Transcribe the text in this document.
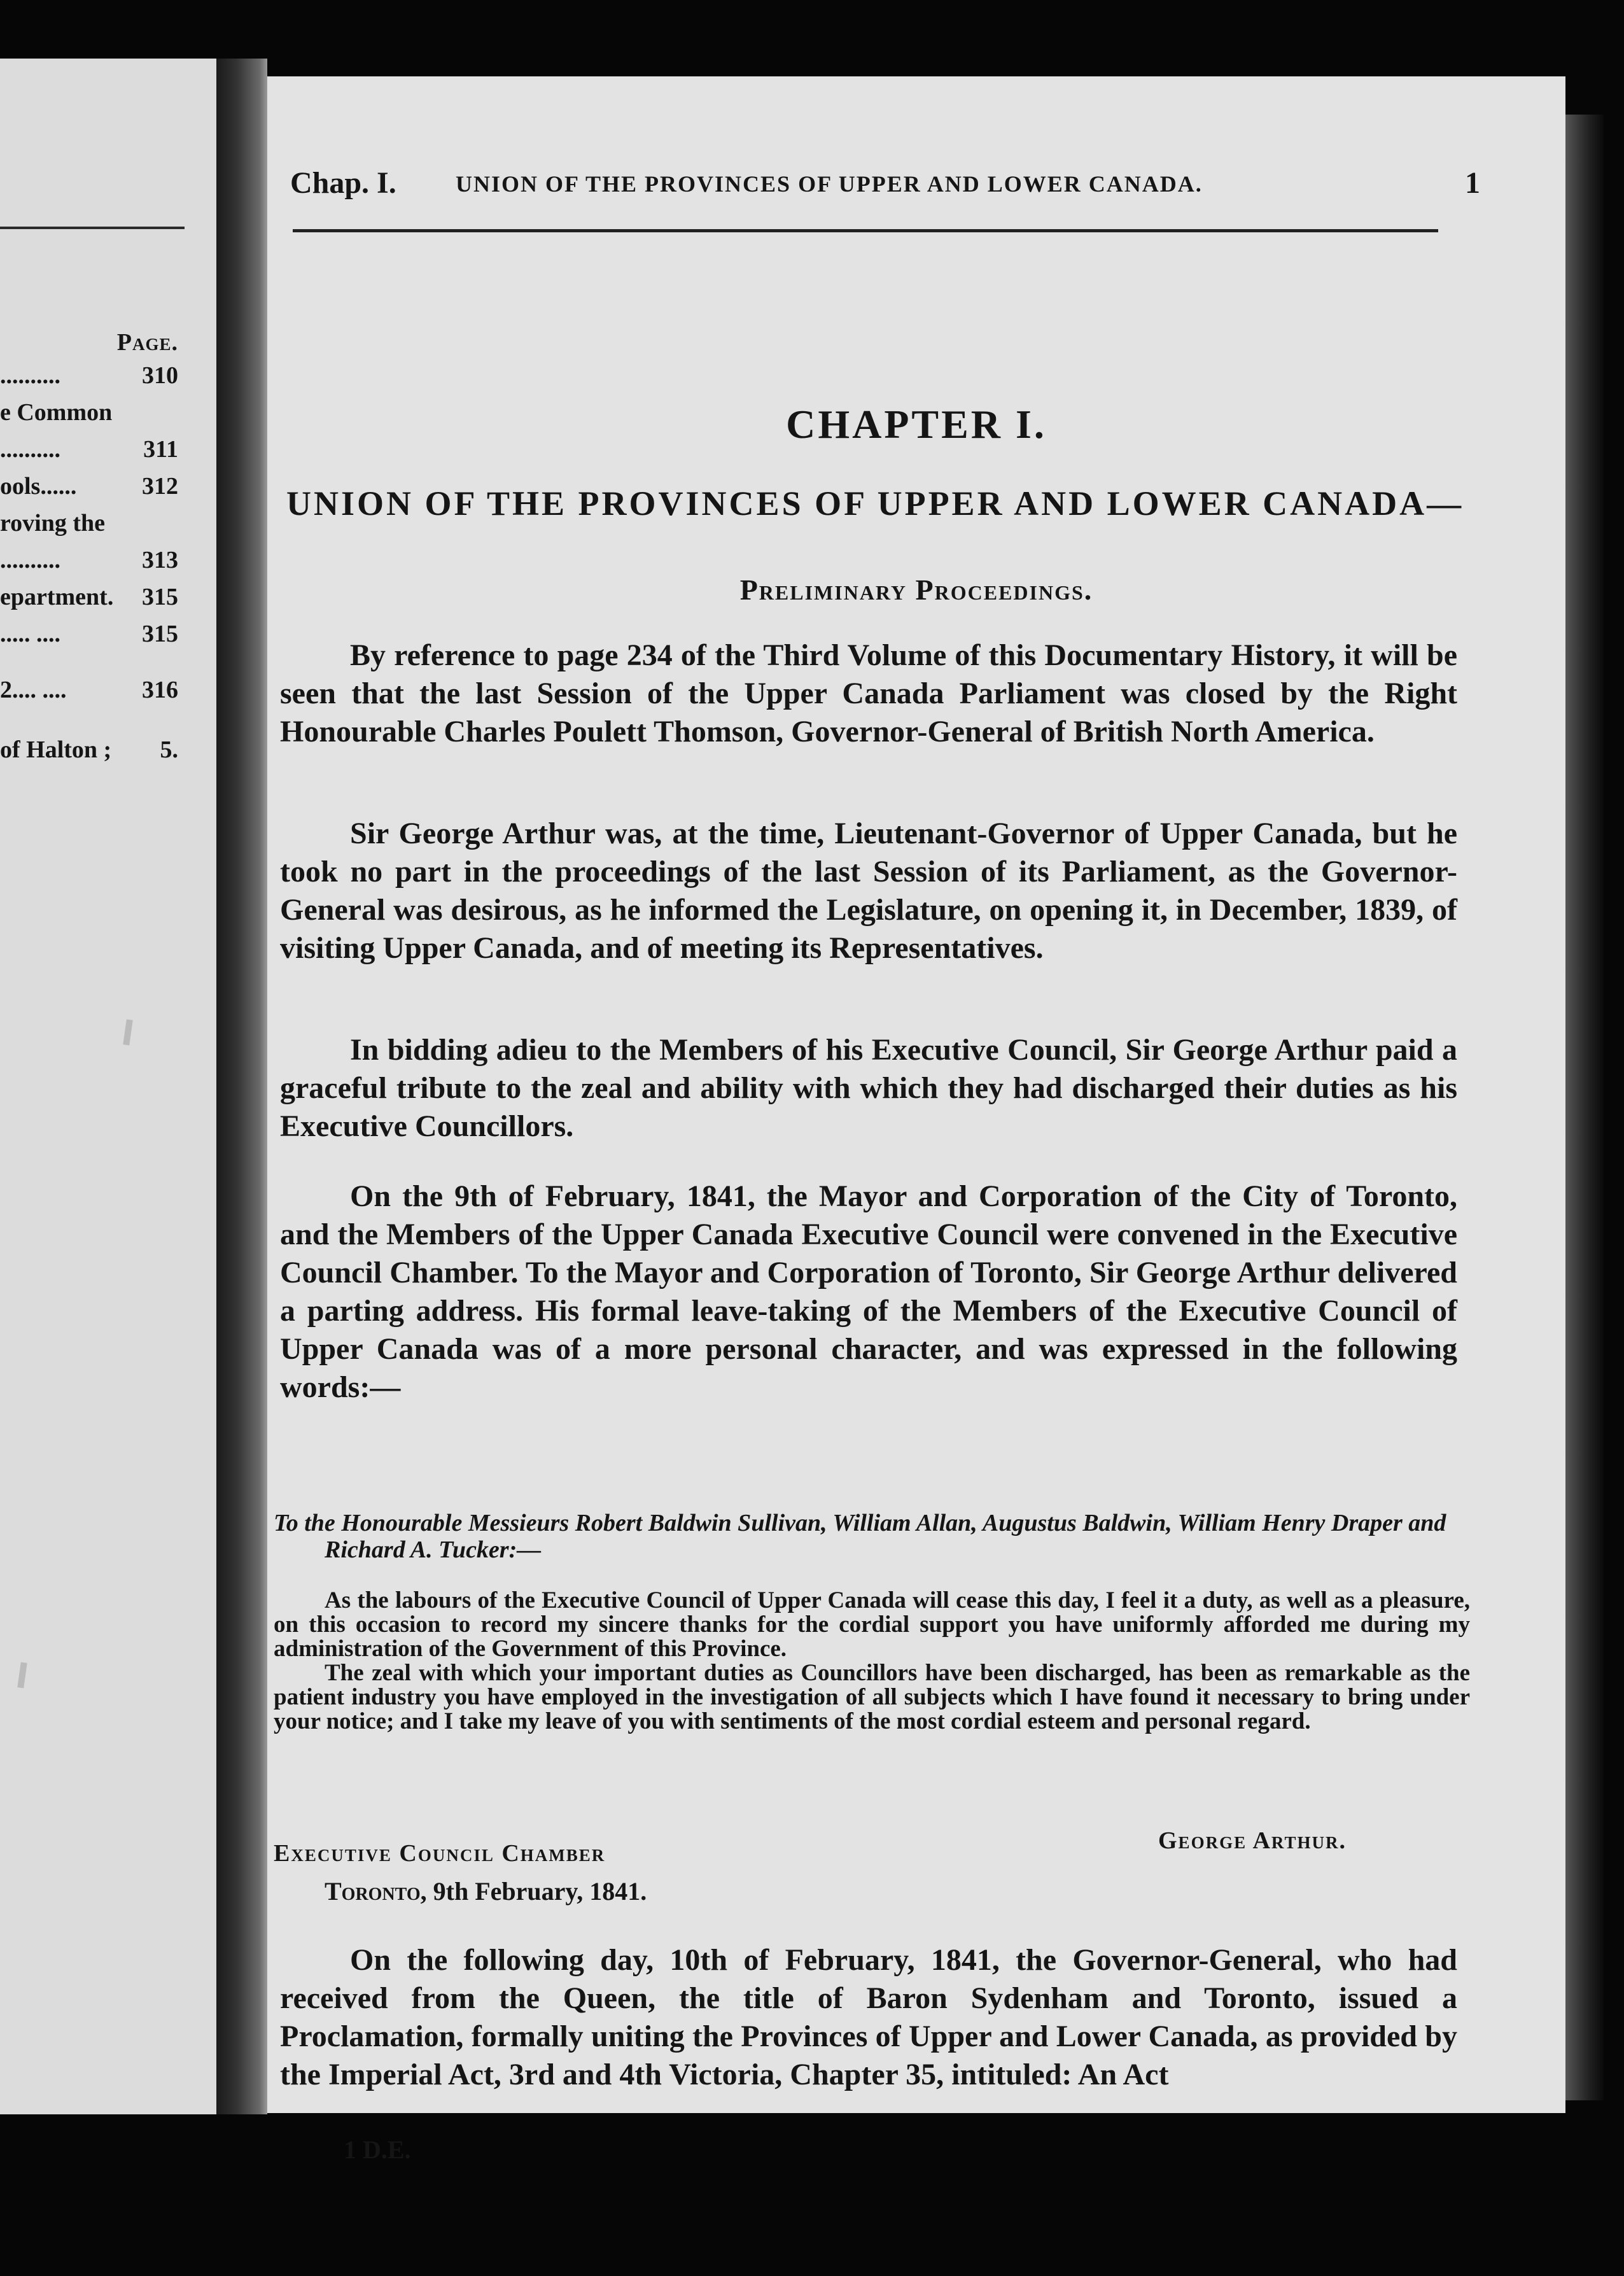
Page.
..........	310
e Common
..........	311
ools......	312
roving the
..........	313
epartment. 315
..... ....	315
2.... ....	316
of Halton ; 5.
Chap. I.	UNION OF THE PROVINCES OF UPPER AND LOWER CANADA.	1
CHAPTER I.
UNION OF THE PROVINCES OF UPPER AND LOWER CANADA—
Preliminary Proceedings.

By reference to page 234 of the Third Volume of this Documentary History, it will be seen that the last Session of the Upper Canada Parliament was closed by the Right Honourable Charles Poulett Thomson, Governor-General of British North America.

Sir George Arthur was, at the time, Lieutenant-Governor of Upper Canada, but he took no part in the proceedings of the last Session of its Parliament, as the Governor-General was desirous, as he informed the Legislature, on opening it, in December, 1839, of visiting Upper Canada, and of meeting its Representatives.

In bidding adieu to the Members of his Executive Council, Sir George Arthur paid a graceful tribute to the zeal and ability with which they had discharged their duties as his Executive Councillors.

On the 9th of February, 1841, the Mayor and Corporation of the City of Toronto, and the Members of the Upper Canada Executive Council were convened in the Executive Council Chamber. To the Mayor and Corporation of Toronto, Sir George Arthur delivered a parting address. His formal leave-taking of the Members of the Executive Council of Upper Canada was of a more personal character, and was expressed in the following words:—

To the Honourable Messieurs Robert Baldwin Sullivan, William Allan, Augustus Baldwin, William Henry Draper and Richard A. Tucker:—

As the labours of the Executive Council of Upper Canada will cease this day, I feel it a duty, as well as a pleasure, on this occasion to record my sincere thanks for the cordial support you have uniformly afforded me during my administration of the Government of this Province.

The zeal with which your important duties as Councillors have been discharged, has been as remarkable as the patient industry you have employed in the investigation of all subjects which I have found it necessary to bring under your notice; and I take my leave of you with sentiments of the most cordial esteem and personal regard.

Executive Council Chamber	George Arthur.
Toronto, 9th February, 1841.

On the following day, 10th of February, 1841, the Governor-General, who had received from the Queen, the title of Baron Sydenham and Toronto, issued a Proclamation, formally uniting the Provinces of Upper and Lower Canada, as provided by the Imperial Act, 3rd and 4th Victoria, Chapter 35, intituled: An Act

1 D.E.
